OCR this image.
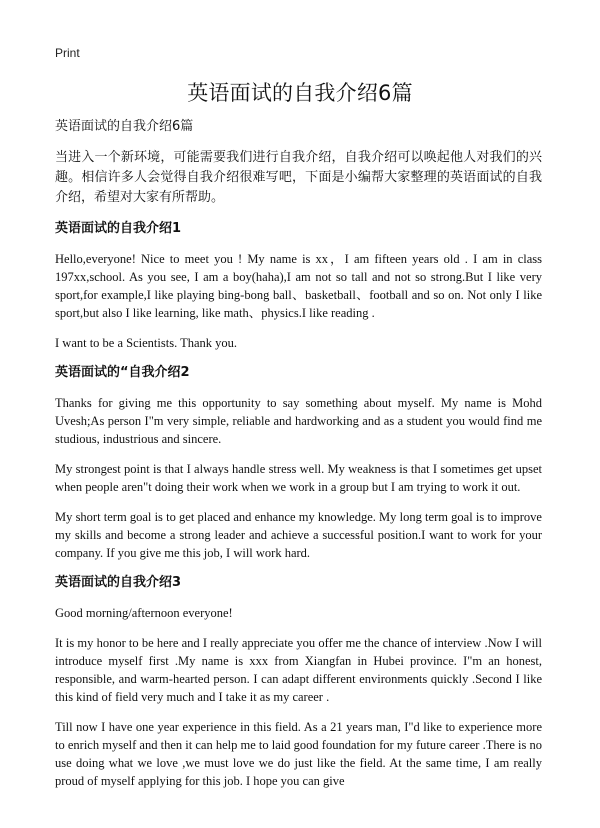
Print
英语面试的自我介绍6篇
英语面试的自我介绍6篇
当进入一个新环境，可能需要我们进行自我介绍，自我介绍可以唤起他人对我们的兴趣。相信许多人会觉得自我介绍很难写吧，下面是小编帮大家整理的英语面试的自我介绍，希望对大家有所帮助。
英语面试的自我介绍1
Hello,everyone! Nice to meet you ! My name is xx，I am fifteen years old . I am in class 197xx,school. As you see, I am a boy(haha),I am not so tall and not so strong.But I like very sport,for example,I like playing bing-bong ball、basketball、football and so on. Not only I like sport,but also I like learning, like math、physics.I like reading .
I want to be a Scientists. Thank you.
英语面试的“自我介绍2
Thanks for giving me this opportunity to say something about myself. My name is Mohd Uvesh;As person I"m very simple, reliable and hardworking and as a student you would find me studious, industrious and sincere.
My strongest point is that I always handle stress well. My weakness is that I sometimes get upset when people aren"t doing their work when we work in a group but I am trying to work it out.
My short term goal is to get placed and enhance my knowledge. My long term goal is to improve my skills and become a strong leader and achieve a successful position.I want to work for your company. If you give me this job, I will work hard.
英语面试的自我介绍3
Good morning/afternoon everyone!
It is my honor to be here and I really appreciate you offer me the chance of interview .Now I will introduce myself first .My name is xxx from Xiangfan in Hubei province. I"m an honest, responsible, and warm-hearted person. I can adapt different environments quickly .Second I like this kind of field very much and I take it as my career .
Till now I have one year experience in this field. As a 21 years man, I"d like to experience more to enrich myself and then it can help me to laid good foundation for my future career .There is no use doing what we love ,we must love we do just like the field. At the same time, I am really proud of myself applying for this job. I hope you can give
